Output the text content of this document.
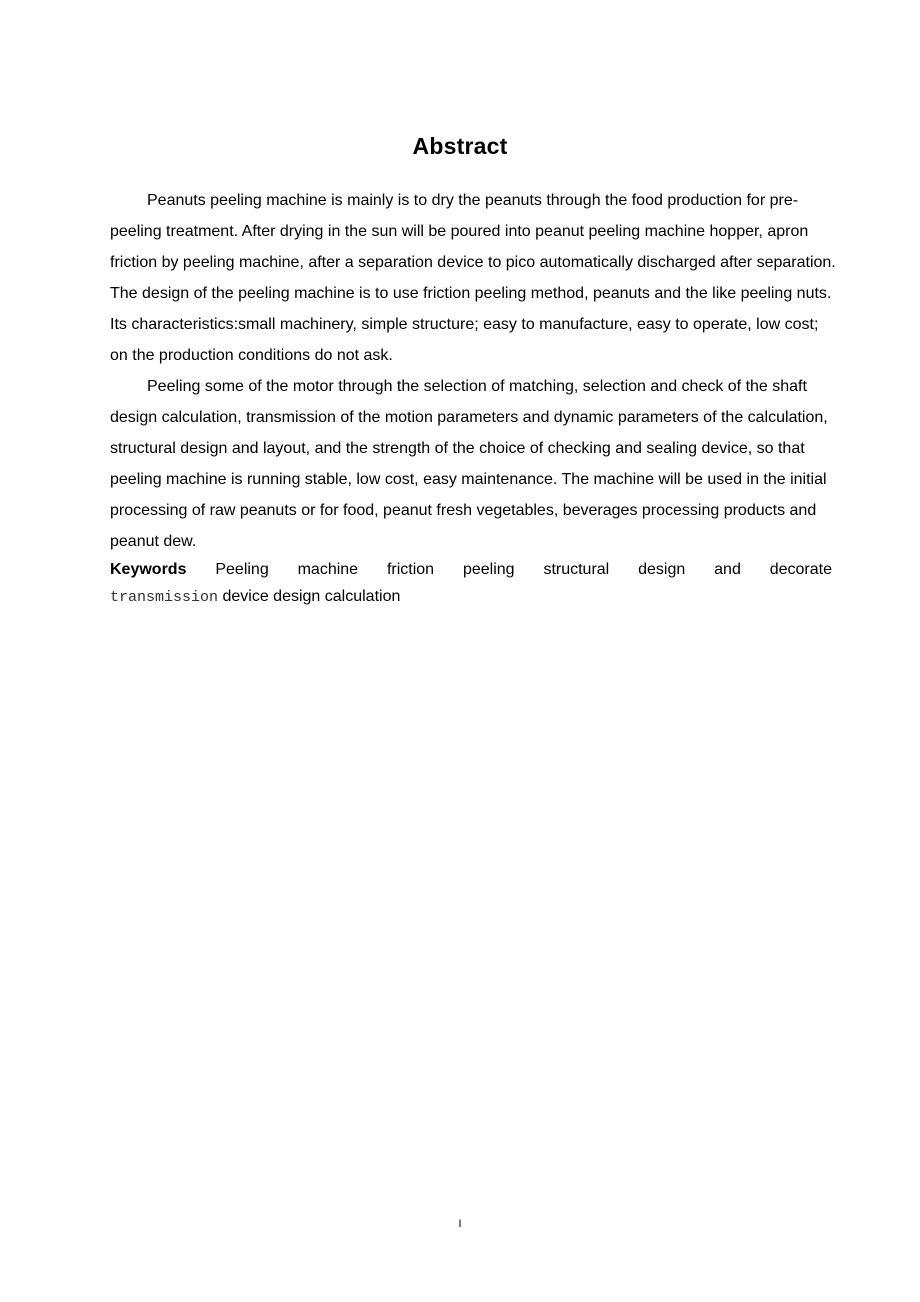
Abstract

Peanuts peeling machine is mainly is to dry the peanuts through the food production for pre-peeling treatment. After drying in the sun will be poured into peanut peeling machine hopper, apron friction by peeling machine, after a separation device to pico automatically discharged after separation. The design of the peeling machine is to use friction peeling method, peanuts and the like peeling nuts. Its characteristics:small machinery, simple structure; easy to manufacture, easy to operate, low cost; on the production conditions do not ask.

Peeling some of the motor through the selection of matching, selection and check of the shaft design calculation, transmission of the motion parameters and dynamic parameters of the calculation, structural design and layout, and the strength of the choice of checking and sealing device, so that peeling machine is running stable, low cost, easy maintenance. The machine will be used in the initial processing of raw peanuts or for food, peanut fresh vegetables, beverages processing products and peanut dew.

Keywords Peeling machine friction peeling structural design and decorate
transmission device design calculation
I
